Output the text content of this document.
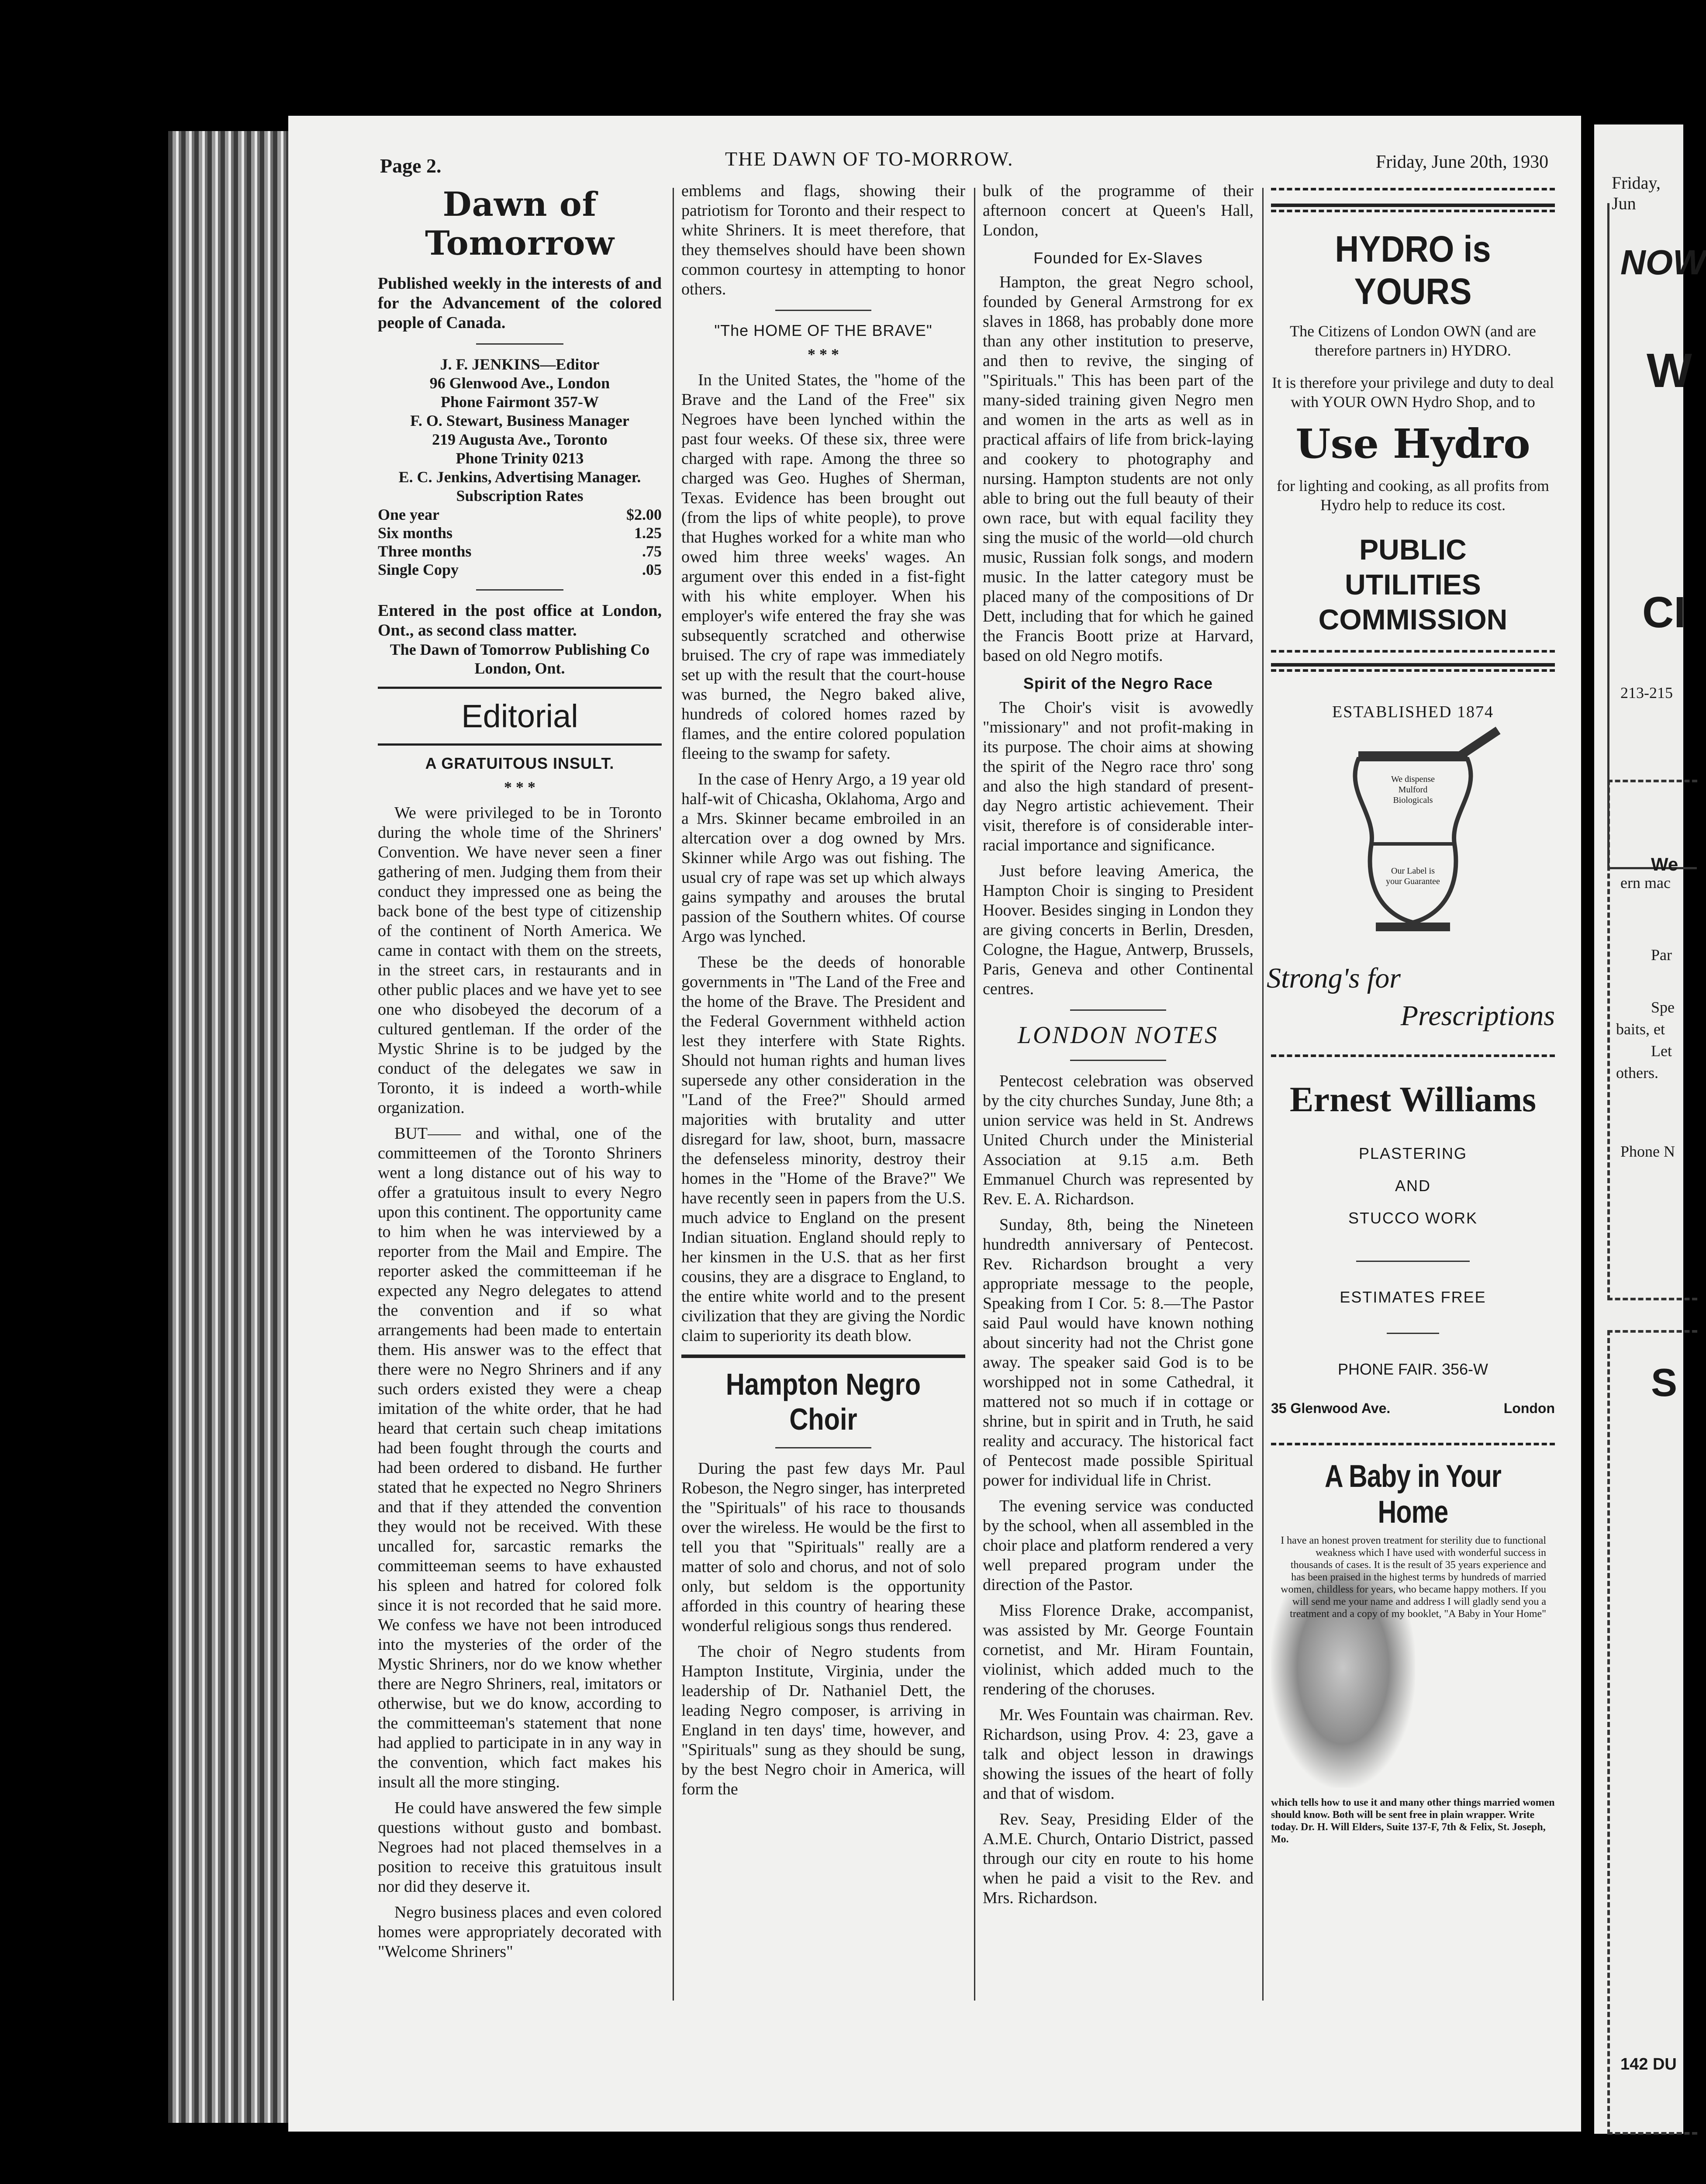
Page 2.	THE DAWN OF TO-MORROW.	Friday, June 20th, 1930
Dawn of Tomorrow

Published weekly in the interests of and for the Advancement of the colored people of Canada.

J. F. JENKINS—Editor
96 Glenwood Ave., London
Phone Fairmont 357-W
F. O. Stewart, Business Manager
219 Augusta Ave., Toronto
Phone Trinity 0213
E. C. Jenkins, Advertising Manager.
Subscription Rates
One year	$2.00
Six months	1.25
Three months	.75
Single Copy	.05

Entered in the post office at London, Ont., as second class matter.

The Dawn of Tomorrow Publishing Co
London, Ont.
Editorial
A GRATUITOUS INSULT.
* * *

We were privileged to be in Toronto during the whole time of the Shriners' Convention. We have never seen a finer gathering of men. Judging them from their conduct they impressed one as being the back bone of the best type of citizenship of the continent of North America. We came in contact with them on the streets, in the street cars, in restaurants and in other public places and we have yet to see one who disobeyed the decorum of a cultured gentleman. If the order of the Mystic Shrine is to be judged by the conduct of the delegates we saw in Toronto, it is indeed a worth-while organization.

BUT—— and withal, one of the committeemen of the Toronto Shriners went a long distance out of his way to offer a gratuitous insult to every Negro upon this continent. The opportunity came to him when he was interviewed by a reporter from the Mail and Empire. The reporter asked the committeeman if he expected any Negro delegates to attend the convention and if so what arrangements had been made to entertain them. His answer was to the effect that there were no Negro Shriners and if any such orders existed they were a cheap imitation of the white order, that he had heard that certain such cheap imitations had been fought through the courts and had been ordered to disband. He further stated that he expected no Negro Shriners and that if they attended the convention they would not be received. With these uncalled for, sarcastic remarks the committeeman seems to have exhausted his spleen and hatred for colored folk since it is not recorded that he said more. We confess we have not been introduced into the mysteries of the order of the Mystic Shriners, nor do we know whether there are Negro Shriners, real, imitators or otherwise, but we do know, according to the committeeman's statement that none had applied to participate in in any way in the convention, which fact makes his insult all the more stinging.

He could have answered the few simple questions without gusto and bombast. Negroes had not placed themselves in a position to receive this gratuitous insult nor did they deserve it.

Negro business places and even colored homes were appropriately decorated with "Welcome Shriners"

emblems and flags, showing their patriotism for Toronto and their respect to white Shriners. It is meet therefore, that they themselves should have been shown common courtesy in attempting to honor others.

"The HOME OF THE BRAVE"
* * *

In the United States, the "home of the Brave and the Land of the Free" six Negroes have been lynched within the past four weeks. Of these six, three were charged with rape. Among the three so charged was Geo. Hughes of Sherman, Texas. Evidence has been brought out (from the lips of white people), to prove that Hughes worked for a white man who owed him three weeks' wages. An argument over this ended in a fist-fight with his white employer. When his employer's wife entered the fray she was subsequently scratched and otherwise bruised. The cry of rape was immediately set up with the result that the court-house was burned, the Negro baked alive, hundreds of colored homes razed by flames, and the entire colored population fleeing to the swamp for safety.

In the case of Henry Argo, a 19 year old half-wit of Chicasha, Oklahoma, Argo and a Mrs. Skinner became embroiled in an altercation over a dog owned by Mrs. Skinner while Argo was out fishing. The usual cry of rape was set up which always gains sympathy and arouses the brutal passion of the Southern whites. Of course Argo was lynched.

These be the deeds of honorable governments in "The Land of the Free and the home of the Brave. The President and the Federal Government withheld action lest they interfere with State Rights. Should not human rights and human lives supersede any other consideration in the "Land of the Free?" Should armed majorities with brutality and utter disregard for law, shoot, burn, massacre the defenseless minority, destroy their homes in the "Home of the Brave?" We have recently seen in papers from the U.S. much advice to England on the present Indian situation. England should reply to her kinsmen in the U.S. that as her first cousins, they are a disgrace to England, to the entire white world and to the present civilization that they are giving the Nordic claim to superiority its death blow.

Hampton Negro Choir

During the past few days Mr. Paul Robeson, the Negro singer, has interpreted the "Spirituals" of his race to thousands over the wireless. He would be the first to tell you that "Spirituals" really are a matter of solo and chorus, and not of solo only, but seldom is the opportunity afforded in this country of hearing these wonderful religious songs thus rendered.

The choir of Negro students from Hampton Institute, Virginia, under the leadership of Dr. Nathaniel Dett, the leading Negro composer, is arriving in England in ten days' time, however, and "Spirituals" sung as they should be sung, by the best Negro choir in America, will form the

bulk of the programme of their afternoon concert at Queen's Hall, London,

Founded for Ex-Slaves

Hampton, the great Negro school, founded by General Armstrong for ex slaves in 1868, has probably done more than any other institution to preserve, and then to revive, the singing of "Spirituals." This has been part of the many-sided training given Negro men and women in the arts as well as in practical affairs of life from brick-laying and cookery to photography and nursing. Hampton students are not only able to bring out the full beauty of their own race, but with equal facility they sing the music of the world—old church music, Russian folk songs, and modern music. In the latter category must be placed many of the compositions of Dr Dett, including that for which he gained the Francis Boott prize at Harvard, based on old Negro motifs.

Spirit of the Negro Race

The Choir's visit is avowedly "missionary" and not profit-making in its purpose. The choir aims at showing the spirit of the Negro race thro' song and also the high standard of present-day Negro artistic achievement. Their visit, therefore is of considerable inter-racial importance and significance.

Just before leaving America, the Hampton Choir is singing to President Hoover. Besides singing in London they are giving concerts in Berlin, Dresden, Cologne, the Hague, Antwerp, Brussels, Paris, Geneva and other Continental centres.

LONDON NOTES

Pentecost celebration was observed by the city churches Sunday, June 8th; a union service was held in St. Andrews United Church under the Ministerial Association at 9.15 a.m. Beth Emmanuel Church was represented by Rev. E. A. Richardson.

Sunday, 8th, being the Nineteen hundredth anniversary of Pentecost. Rev. Richardson brought a very appropriate message to the people, Speaking from I Cor. 5: 8.—The Pastor said Paul would have known nothing about sincerity had not the Christ gone away. The speaker said God is to be worshipped not in some Cathedral, it mattered not so much if in cottage or shrine, but in spirit and in Truth, he said reality and accuracy. The historical fact of Pentecost made possible Spiritual power for individual life in Christ.

The evening service was conducted by the school, when all assembled in the choir place and platform rendered a very well prepared program under the direction of the Pastor.

Miss Florence Drake, accompanist, was assisted by Mr. George Fountain cornetist, and Mr. Hiram Fountain, violinist, which added much to the rendering of the choruses.

Mr. Wes Fountain was chairman. Rev. Richardson, using Prov. 4: 23, gave a talk and object lesson in drawings showing the issues of the heart of folly and that of wisdom.

Rev. Seay, Presiding Elder of the A.M.E. Church, Ontario District, passed through our city en route to his home when he paid a visit to the Rev. and Mrs. Richardson.

HYDRO is YOURS
The Citizens of London OWN (and are therefore partners in) HYDRO.
It is therefore your privilege and duty to deal with YOUR OWN Hydro Shop, and to
Use Hydro
for lighting and cooking, as all profits from Hydro help to reduce its cost.
PUBLIC UTILITIES COMMISSION
ESTABLISHED 1874
We dispense Mulford Biologicals
Our Label is your Guarantee
Strong's for
Prescriptions
Ernest Williams
PLASTERING
AND
STUCCO WORK
ESTIMATES FREE
PHONE FAIR. 356-W
35 Glenwood Ave.	London
A Baby in Your Home
I have an honest proven treatment for sterility due to functional weakness which I have used with wonderful success in thousands of cases. It is the result of 35 years experience and has been praised in the highest terms by hundreds of married women, childless for years, who became happy mothers. If you will send me your name and address I will gladly send you a treatment and a copy of my booklet, "A Baby in Your Home"
which tells how to use it and many other things married women should know. Both will be sent free in plain wrapper. Write today. Dr. H. Will Elders, Suite 137-F, 7th & Felix, St. Joseph, Mo.
Friday, Jun
NOW
W
CI
213-215
We
ern mac
Par
Spe
baits, et
Let
others.
Phone N
S
142 DU
